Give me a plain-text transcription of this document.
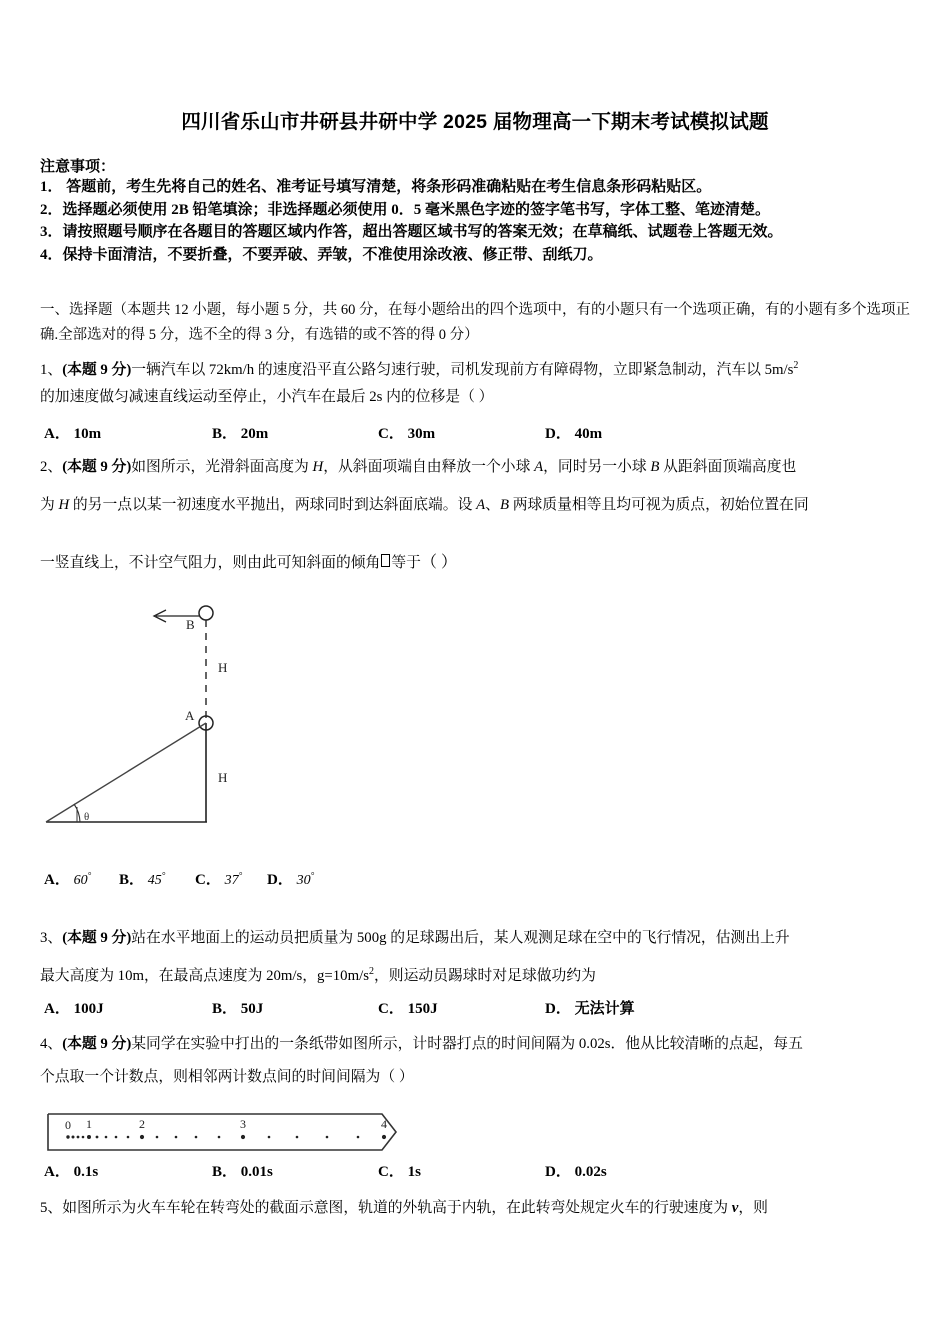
四川省乐山市井研县井研中学 2025 届物理高一下期末考试模拟试题
注意事项：
1． 答题前，考生先将自己的姓名、准考证号填写清楚，将条形码准确粘贴在考生信息条形码粘贴区。
2．选择题必须使用 2B 铅笔填涂；非选择题必须使用 0．5 毫米黑色字迹的签字笔书写，字体工整、笔迹清楚。
3．请按照题号顺序在各题目的答题区域内作答，超出答题区域书写的答案无效；在草稿纸、试题卷上答题无效。
4．保持卡面清洁，不要折叠，不要弄破、弄皱，不准使用涂改液、修正带、刮纸刀。
一、选择题（本题共 12 小题，每小题 5 分，共 60 分，在每小题给出的四个选项中，有的小题只有一个选项正确，有的小题有多个选项正确.全部选对的得 5 分，选不全的得 3 分，有选错的或不答的得 0 分）
1、(本题 9 分)一辆汽车以 72km/h 的速度沿平直公路匀速行驶，司机发现前方有障碍物，立即紧急制动，汽车以 $5m/s^2$
的加速度做匀减速直线运动至停止，小汽车在最后 2s 内的位移是（ ）
A． 10m	B． 20m	C． 30m	D． 40m
2、(本题 9 分)如图所示，光滑斜面高度为 H，从斜面项端自由释放一个小球 A，同时另一小球 B 从距斜面顶端高度也
为 H 的另一点以某一初速度水平抛出，两球同时到达斜面底端。设 A、B 两球质量相等且均可视为质点，初始位置在同
一竖直线上，不计空气阻力，则由此可知斜面的倾角 等于（ ）
B
A
H
H
θ
A． 60° B． 45° C． 37° D． 30°
3、(本题 9 分)站在水平地面上的运动员把质量为 500g 的足球踢出后，某人观测足球在空中的飞行情况，估测出上升
最大高度为 10m，在最高点速度为 20m/s，$g=10m/s^2$，则运动员踢球时对足球做功约为
A． 100J	B． 50J	C． 150J	D． 无法计算
4、(本题 9 分)某同学在实验中打出的一条纸带如图所示，计时器打点的时间间隔为 0.02s．他从比较清晰的点起，每五
个点取一个计数点，则相邻两计数点间的时间间隔为（ ）
0 1	2	3	4
A． 0.1s	B． 0.01s	C． 1s	D． 0.02s
5、如图所示为火车车轮在转弯处的截面示意图，轨道的外轨高于内轨，在此转弯处规定火车的行驶速度为 v，则
